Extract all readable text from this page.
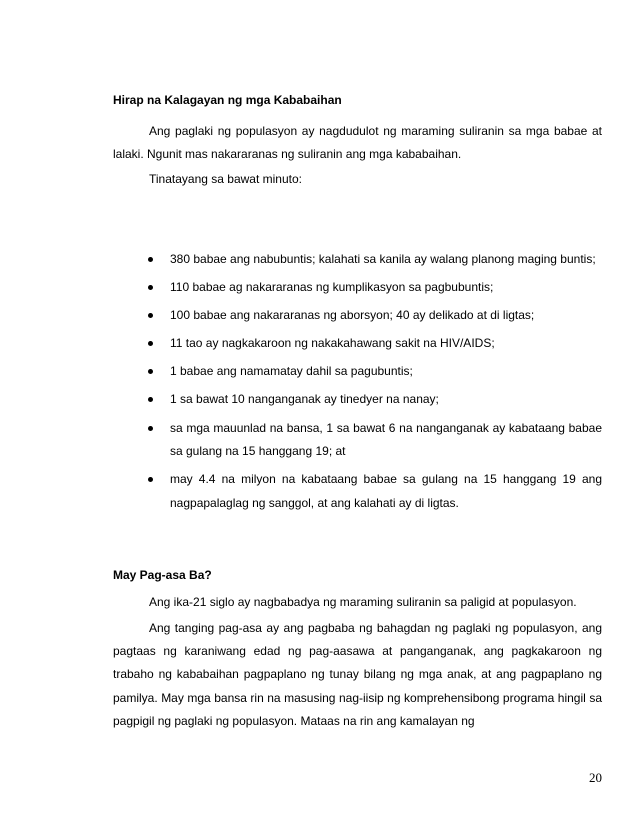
Hirap na Kalagayan ng mga Kababaihan

Ang paglaki ng populasyon ay nagdudulot ng maraming suliranin sa mga babae at lalaki. Ngunit mas nakararanas ng suliranin ang mga kababaihan.

Tinatayang sa bawat minuto:
380 babae ang nabubuntis; kalahati sa kanila ay walang planong maging buntis;
110 babae ag nakararanas ng kumplikasyon sa pagbubuntis;
100 babae ang nakararanas ng aborsyon; 40 ay delikado at di ligtas;
11 tao ay nagkakaroon ng nakakahawang sakit na HIV/AIDS;
1 babae ang namamatay dahil sa pagubuntis;
1 sa bawat 10 nanganganak ay tinedyer na nanay;
sa mga mauunlad na bansa, 1 sa bawat 6 na nanganganak ay kabataang babae sa gulang na 15 hanggang 19; at
may 4.4 na milyon na kabataang babae sa gulang na 15 hanggang 19 ang nagpapalaglag ng sanggol, at ang kalahati ay di ligtas.
May Pag-asa Ba?

Ang ika-21 siglo ay nagbabadya ng maraming suliranin sa paligid at populasyon.

Ang tanging pag-asa ay ang pagbaba ng bahagdan ng paglaki ng populasyon, ang pagtaas ng karaniwang edad ng pag-aasawa at panganganak, ang pagkakaroon ng trabaho ng kababaihan pagpaplano ng tunay bilang ng mga anak, at ang pagpaplano ng pamilya. May mga bansa rin na masusing nag-iisip ng komprehensibong programa hingil sa pagpigil ng paglaki ng populasyon. Mataas na rin ang kamalayan ng

20
